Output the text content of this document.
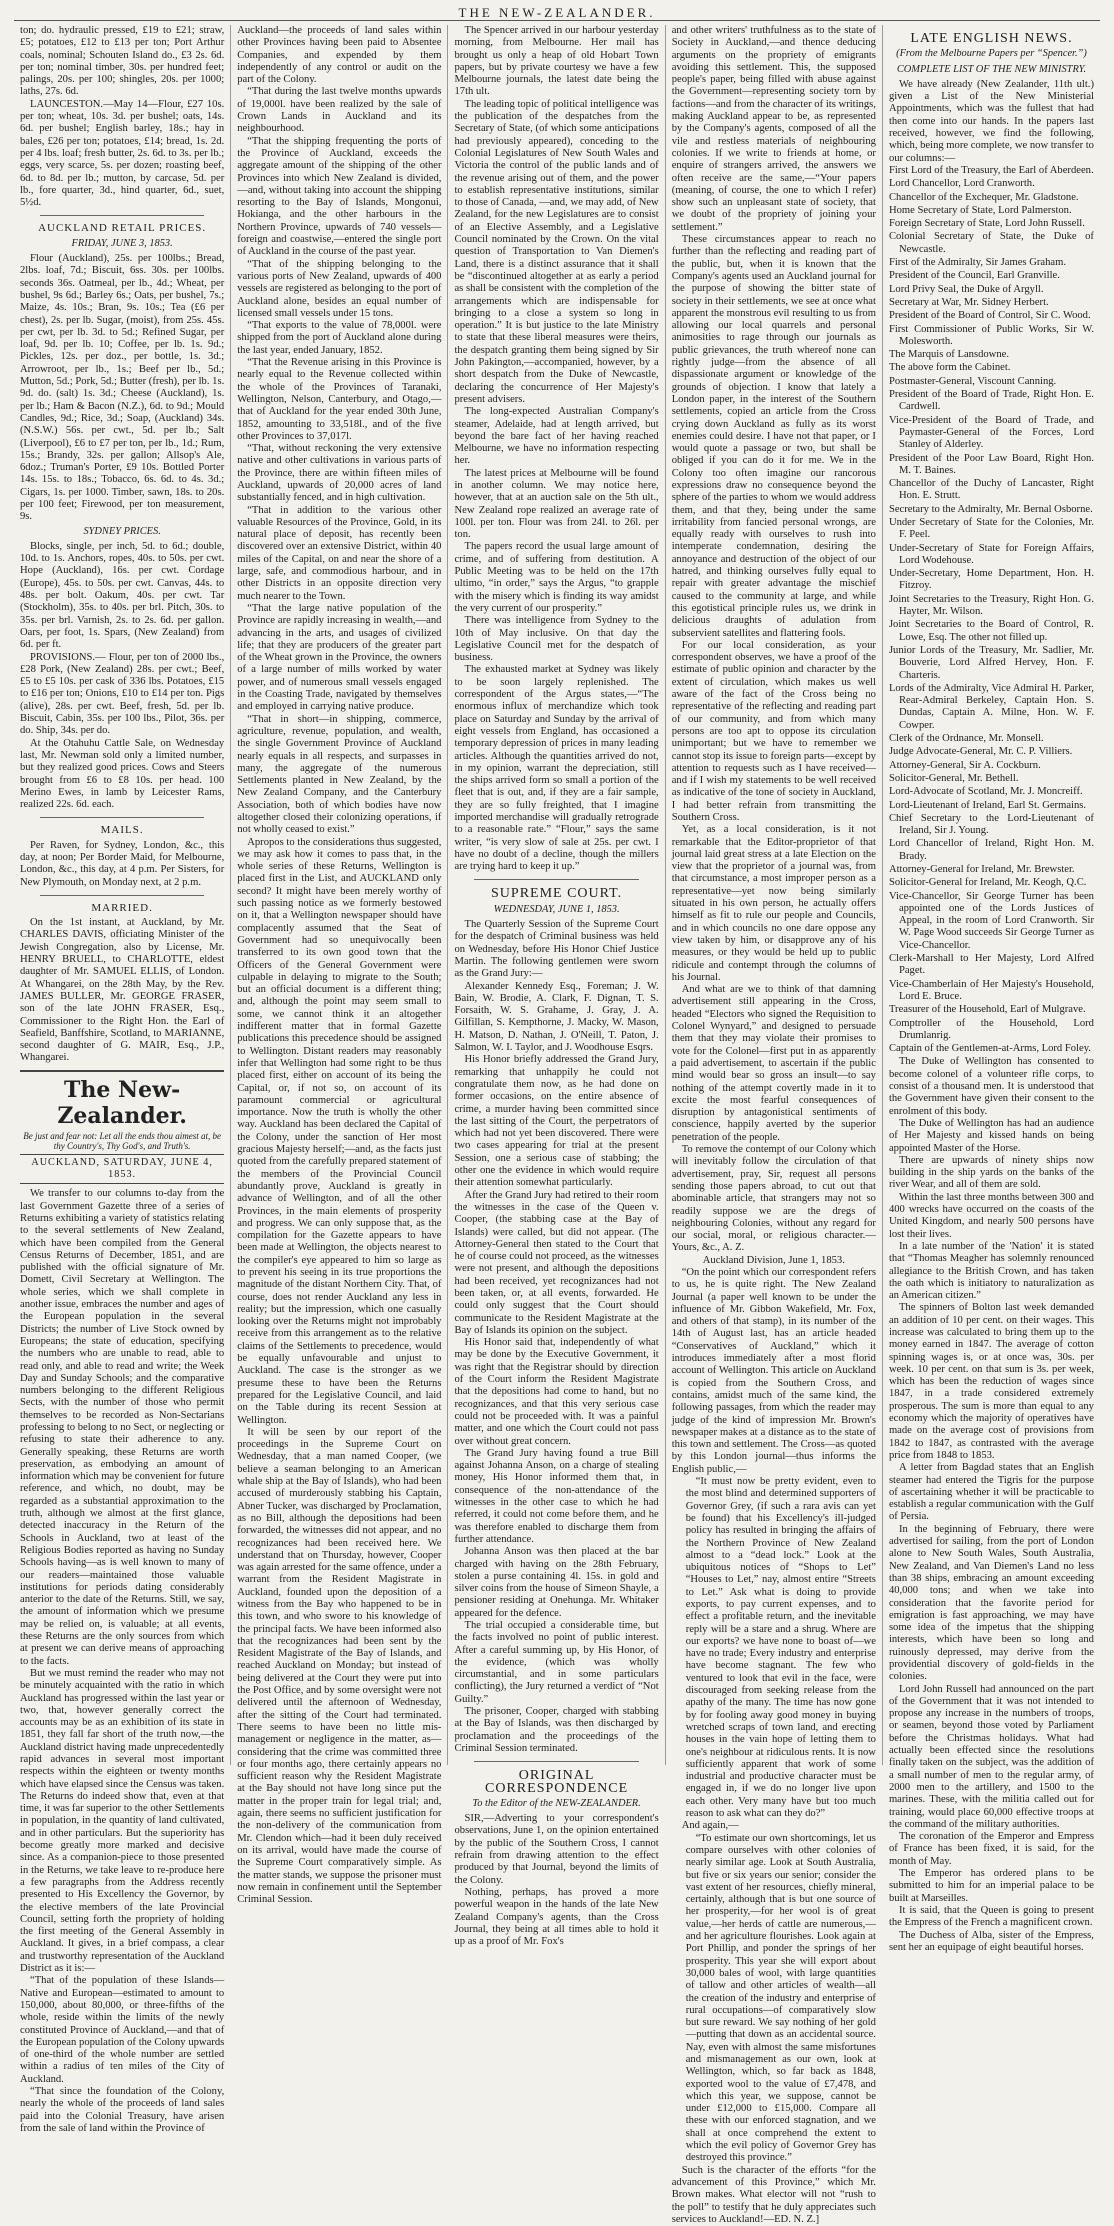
THE NEW-ZEALANDER.

ton; do. hydraulic pressed, £19 to £21; straw, £5; potatoes, £12 to £13 per ton; Port Arthur coals, nominal; Schouten Island do., £3 2s. 6d. per ton; nominal timber, 30s. per hundred feet; palings, 20s. per 100; shingles, 20s. per 1000; laths, 27s. 6d.

LAUNCESTON.—May 14—Flour, £27 10s. per ton; wheat, 10s. 3d. per bushel; oats, 14s. 6d. per bushel; English barley, 18s.; hay in bales, £26 per ton; potatoes, £14; bread, 1s. 2d. per 4 lbs. loaf; fresh butter, 2s. 6d. to 3s. per lb.; eggs, very scarce, 5s. per dozen; roasting beef, 6d. to 8d. per lb.; mutton, by carcase, 5d. per lb., fore quarter, 3d., hind quarter, 6d., suet, 5½d.

AUCKLAND RETAIL PRICES.
FRIDAY, JUNE 3, 1853.

Flour (Auckland), 25s. per 100lbs.; Bread, 2lbs. loaf, 7d.; Biscuit, 6ss. 30s. per 100lbs. seconds 36s. Oatmeal, per lb., 4d.; Wheat, per bushel, 9s 6d.; Barley 6s.; Oats, per bushel, 7s.; Maize, 4s. 10s.; Bran, 9s. 10s.; Tea (£6 per chest), 2s. per lb. Sugar, (moist), from 25s. 45s. per cwt, per lb. 3d. to 5d.; Refined Sugar, per loaf, 9d. per lb. 10; Coffee, per lb. 1s. 9d.; Pickles, 12s. per doz., per bottle, 1s. 3d.; Arrowroot, per lb., 1s.; Beef per lb., 5d.; Mutton, 5d.; Pork, 5d.; Butter (fresh), per lb. 1s. 9d. do. (salt) 1s. 3d.; Cheese (Auckland), 1s. per lb.; Ham & Bacon (N.Z.), 6d. to 9d.; Mould Candles, 9d.; Rice, 3d.; Soap, (Auckland) 34s. (N.S.W.) 56s. per cwt., 5d. per lb.; Salt (Liverpool), £6 to £7 per ton, per lb., 1d.; Rum, 15s.; Brandy, 32s. per gallon; Allsop's Ale, 6doz.; Truman's Porter, £9 10s. Bottled Porter 14s. 15s. to 18s.; Tobacco, 6s. 6d. to 4s. 3d.; Cigars, 1s. per 1000. Timber, sawn, 18s. to 20s. per 100 feet; Firewood, per ton measurement, 9s.

SYDNEY PRICES.

Blocks, single, per inch, 5d. to 6d.; double, 10d. to 1s. Anchors, ropes, 40s. to 50s. per cwt. Hope (Auckland), 16s. per cwt. Cordage (Europe), 45s. to 50s. per cwt. Canvas, 44s. to 48s. per bolt. Oakum, 40s. per cwt. Tar (Stockholm), 35s. to 40s. per brl. Pitch, 30s. to 35s. per brl. Varnish, 2s. to 2s. 6d. per gallon. Oars, per foot, 1s. Spars, (New Zealand) from 6d. per ft.

PROVISIONS.— Flour, per ton of 2000 lbs., £28 Pork, (New Zealand) 28s. per cwt.; Beef, £5 to £5 10s. per cask of 336 lbs. Potatoes, £15 to £16 per ton; Onions, £10 to £14 per ton. Pigs (alive), 28s. per cwt. Beef, fresh, 5d. per lb. Biscuit, Cabin, 35s. per 100 lbs., Pilot, 36s. per do. Ship, 34s. per do.

At the Otahuhu Cattle Sale, on Wednesday last, Mr. Newman sold only a limited number, but they realized good prices. Cows and Steers brought from £6 to £8 10s. per head. 100 Merino Ewes, in lamb by Leicester Rams, realized 22s. 6d. each.

MAILS.

Per Raven, for Sydney, London, &c., this day, at noon; Per Border Maid, for Melbourne, London, &c., this day, at 4 p.m. Per Sisters, for New Plymouth, on Monday next, at 2 p.m.

MARRIED.

On the 1st instant, at Auckland, by Mr. CHARLES DAVIS, officiating Minister of the Jewish Congregation, also by License, Mr. HENRY BRUELL, to CHARLOTTE, eldest daughter of Mr. SAMUEL ELLIS, of London. At Whangarei, on the 28th May, by the Rev. JAMES BULLER, Mr. GEORGE FRASER, son of the late JOHN FRASER, Esq., Commissioner to the Right Hon. the Earl of Seafield, Banffshire, Scotland, to MARIANNE, second daughter of G. MAIR, Esq., J.P., Whangarei.

The New-Zealander.
Be just and fear not: Let all the ends thou aimest at, be thy Country's, Thy God's, and Truth's.
AUCKLAND, SATURDAY, JUNE 4, 1853.

We transfer to our columns to-day from the last Government Gazette three of a series of Returns exhibiting a variety of statistics relating to the several settlements of New Zealand, which have been compiled from the General Census Returns of December, 1851, and are published with the official signature of Mr. Domett, Civil Secretary at Wellington. The whole series, which we shall complete in another issue, embraces the number and ages of the European population in the several Districts; the number of Live Stock owned by Europeans; the state of education, specifying the numbers who are unable to read, able to read only, and able to read and write; the Week Day and Sunday Schools; and the comparative numbers belonging to the different Religious Sects, with the number of those who permit themselves to be recorded as Non-Sectarians professing to belong to no Sect, or neglecting or refusing to state their adherence to any. Generally speaking, these Returns are worth preservation, as embodying an amount of information which may be convenient for future reference, and which, no doubt, may be regarded as a substantial approximation to the truth, although we almost at the first glance, detected inaccuracy in the Return of the Schools in Auckland, two at least of the Religious Bodies reported as having no Sunday Schools having—as is well known to many of our readers—maintained those valuable institutions for periods dating considerably anterior to the date of the Returns. Still, we say, the amount of information which we presume may be relied on, is valuable; at all events, these Returns are the only sources from which at present we can derive means of approaching to the facts.

But we must remind the reader who may not be minutely acquainted with the ratio in which Auckland has progressed within the last year or two, that, however generally correct the accounts may be as an exhibition of its state in 1851, they fall far short of the truth now,—the Auckland district having made unprecedentedly rapid advances in several most important respects within the eighteen or twenty months which have elapsed since the Census was taken. The Returns do indeed show that, even at that time, it was far superior to the other Settlements in population, in the quantity of land cultivated, and in other particulars. But the superiority has become greatly more marked and decisive since. As a companion-piece to those presented in the Returns, we take leave to re-produce here a few paragraphs from the Address recently presented to His Excellency the Governor, by the elective members of the late Provincial Council, setting forth the propriety of holding the first meeting of the General Assembly in Auckland. It gives, in a brief compass, a clear and trustworthy representation of the Auckland District as it is:—

“That of the population of these Islands—Native and European—estimated to amount to 150,000, about 80,000, or three-fifths of the whole, reside within the limits of the newly constituted Province of Auckland,—and that of the European population of the Colony upwards of one-third of the whole number are settled within a radius of ten miles of the City of Auckland.

“That since the foundation of the Colony, nearly the whole of the proceeds of land sales paid into the Colonial Treasury, have arisen from the sale of land within the Province of

Auckland—the proceeds of land sales within other Provinces having been paid to Absentee Companies, and expended by them independently of any control or audit on the part of the Colony.

“That during the last twelve months upwards of 19,000l. have been realized by the sale of Crown Lands in Auckland and its neighbourhood.

“That the shipping frequenting the ports of the Province of Auckland, exceeds the aggregate amount of the shipping of the other Provinces into which New Zealand is divided,—and, without taking into account the shipping resorting to the Bay of Islands, Mongonui, Hokianga, and the other harbours in the Northern Province, upwards of 740 vessels—foreign and coastwise,—entered the single port of Auckland in the course of the past year.

“That of the shipping belonging to the various ports of New Zealand, upwards of 400 vessels are registered as belonging to the port of Auckland alone, besides an equal number of licensed small vessels under 15 tons.

“That exports to the value of 78,000l. were shipped from the port of Auckland alone during the last year, ended January, 1852.

“That the Revenue arising in this Province is nearly equal to the Revenue collected within the whole of the Provinces of Taranaki, Wellington, Nelson, Canterbury, and Otago,—that of Auckland for the year ended 30th June, 1852, amounting to 33,518l., and of the five other Provinces to 37,017l.

“That, without reckoning the very extensive native and other cultivations in various parts of the Province, there are within fifteen miles of Auckland, upwards of 20,000 acres of land substantially fenced, and in high cultivation.

“That in addition to the various other valuable Resources of the Province, Gold, in its natural place of deposit, has recently been discovered over an extensive District, within 40 miles of the Capital, on and near the shore of a large, safe, and commodious harbour, and in other Districts in an opposite direction very much nearer to the Town.

“That the large native population of the Province are rapidly increasing in wealth,—and advancing in the arts, and usages of civilized life; that they are producers of the greater part of the Wheat grown in the Province, the owners of a large number of mills worked by water power, and of numerous small vessels engaged in the Coasting Trade, navigated by themselves and employed in carrying native produce.

“That in short—in shipping, commerce, agriculture, revenue, population, and wealth, the single Government Province of Auckland nearly equals in all respects, and surpasses in many, the aggregate of the numerous Settlements planted in New Zealand, by the New Zealand Company, and the Canterbury Association, both of which bodies have now altogether closed their colonizing operations, if not wholly ceased to exist.”

Apropos to the considerations thus suggested, we may ask how it comes to pass that, in the whole series of these Returns, Wellington is placed first in the List, and AUCKLAND only second? It might have been merely worthy of such passing notice as we formerly bestowed on it, that a Wellington newspaper should have complacently assumed that the Seat of Government had so unequivocally been transferred to its own good town that the Officers of the General Government were culpable in delaying to migrate to the South; but an official document is a different thing; and, although the point may seem small to some, we cannot think it an altogether indifferent matter that in formal Gazette publications this precedence should be assigned to Wellington. Distant readers may reasonably infer that Wellington had some right to be thus placed first, either on account of its being the Capital, or, if not so, on account of its paramount commercial or agricultural importance. Now the truth is wholly the other way. Auckland has been declared the Capital of the Colony, under the sanction of Her most gracious Majesty herself;—and, as the facts just quoted from the carefully prepared statement of the members of the Provincial Council abundantly prove, Auckland is greatly in advance of Wellington, and of all the other Provinces, in the main elements of prosperity and progress. We can only suppose that, as the compilation for the Gazette appears to have been made at Wellington, the objects nearest to the compiler's eye appeared to him so large as to prevent his seeing in its true proportions the magnitude of the distant Northern City. That, of course, does not render Auckland any less in reality; but the impression, which one casually looking over the Returns might not improbably receive from this arrangement as to the relative claims of the Settlements to precedence, would be equally unfavourable and unjust to Auckland. The case is the stronger as we presume these to have been the Returns prepared for the Legislative Council, and laid on the Table during its recent Session at Wellington.

It will be seen by our report of the proceedings in the Supreme Court on Wednesday, that a man named Cooper, (we believe a seaman belonging to an American whale ship at the Bay of Islands), who had been accused of murderously stabbing his Captain, Abner Tucker, was discharged by Proclamation, as no Bill, although the depositions had been forwarded, the witnesses did not appear, and no recognizances had been received here. We understand that on Thursday, however, Cooper was again arrested for the same offence, under a warrant from the Resident Magistrate in Auckland, founded upon the deposition of a witness from the Bay who happened to be in this town, and who swore to his knowledge of the principal facts. We have been informed also that the recognizances had been sent by the Resident Magistrate of the Bay of Islands, and reached Auckland on Monday; but instead of being delivered at the Court they were put into the Post Office, and by some oversight were not delivered until the afternoon of Wednesday, after the sitting of the Court had terminated. There seems to have been no little mis-management or negligence in the matter, as—considering that the crime was committed three or four months ago, there certainly appears no sufficient reason why the Resident Magistrate at the Bay should not have long since put the matter in the proper train for legal trial; and, again, there seems no sufficient justification for the non-delivery of the communication from Mr. Clendon which—had it been duly received on its arrival, would have made the course of the Supreme Court comparatively simple. As the matter stands, we suppose the prisoner must now remain in confinement until the September Criminal Session.

The Spencer arrived in our harbour yesterday morning, from Melbourne. Her mail has brought us only a heap of old Hobart Town papers, but by private courtesy we have a few Melbourne journals, the latest date being the 17th ult.

The leading topic of political intelligence was the publication of the despatches from the Secretary of State, (of which some anticipations had previously appeared), conceding to the Colonial Legislatures of New South Wales and Victoria the control of the public lands and of the revenue arising out of them, and the power to establish representative institutions, similar to those of Canada, —and, we may add, of New Zealand, for the new Legislatures are to consist of an Elective Assembly, and a Legislative Council nominated by the Crown. On the vital question of Transportation to Van Diemen's Land, there is a distinct assurance that it shall be “discontinued altogether at as early a period as shall be consistent with the completion of the arrangements which are indispensable for bringing to a close a system so long in operation.” It is but justice to the late Ministry to state that these liberal measures were theirs, the despatch granting them being signed by Sir John Pakington,—accompanied, however, by a short despatch from the Duke of Newcastle, declaring the concurrence of Her Majesty's present advisers.

The long-expected Australian Company's steamer, Adelaide, had at length arrived, but beyond the bare fact of her having reached Melbourne, we have no information respecting her.

The latest prices at Melbourne will be found in another column. We may notice here, however, that at an auction sale on the 5th ult., New Zealand rope realized an average rate of 100l. per ton. Flour was from 24l. to 26l. per ton.

The papers record the usual large amount of crime, and of suffering from destitution. A Public Meeting was to be held on the 17th ultimo, “in order,” says the Argus, “to grapple with the misery which is finding its way amidst the very current of our prosperity.”

There was intelligence from Sydney to the 10th of May inclusive. On that day the Legislative Council met for the despatch of business.

The exhausted market at Sydney was likely to be soon largely replenished. The correspondent of the Argus states,—“The enormous influx of merchandize which took place on Saturday and Sunday by the arrival of eight vessels from England, has occasioned a temporary depression of prices in many leading articles. Although the quantities arrived do not, in my opinion, warrant the depreciation, still the ships arrived form so small a portion of the fleet that is out, and, if they are a fair sample, they are so fully freighted, that I imagine imported merchandise will gradually retrograde to a reasonable rate.” “Flour,” says the same writer, “is very slow of sale at 25s. per cwt. I have no doubt of a decline, though the millers are trying hard to keep it up.”

SUPREME COURT.
WEDNESDAY, JUNE 1, 1853.

The Quarterly Session of the Supreme Court for the despatch of Criminal business was held on Wednesday, before His Honor Chief Justice Martin. The following gentlemen were sworn as the Grand Jury:—

Alexander Kennedy Esq., Foreman; J. W. Bain, W. Brodie, A. Clark, F. Dignan, T. S. Forsaith, W. S. Grahame, J. Gray, J. A. Gilfillan, S. Kempthorne, J. Macky, W. Mason, H. Matson, D. Nathan, J. O'Neill, T. Paton, J. Salmon, W. I. Taylor, and J. Woodhouse Esqrs.

His Honor briefly addressed the Grand Jury, remarking that unhappily he could not congratulate them now, as he had done on former occasions, on the entire absence of crime, a murder having been committed since the last sitting of the Court, the perpetrators of which had not yet been discovered. There were two cases appearing for trial at the present Session, one a serious case of stabbing; the other one the evidence in which would require their attention somewhat particularly.

After the Grand Jury had retired to their room the witnesses in the case of the Queen v. Cooper, (the stabbing case at the Bay of Islands) were called, but did not appear. (The Attorney-General then stated to the Court that he of course could not proceed, as the witnesses were not present, and although the depositions had been received, yet recognizances had not been taken, or, at all events, forwarded. He could only suggest that the Court should communicate to the Resident Magistrate at the Bay of Islands its opinion on the subject.

His Honor said that, independently of what may be done by the Executive Government, it was right that the Registrar should by direction of the Court inform the Resident Magistrate that the depositions had come to hand, but no recognizances, and that this very serious case could not be proceeded with. It was a painful matter, and one which the Court could not pass over without great concern.

The Grand Jury having found a true Bill against Johanna Anson, on a charge of stealing money, His Honor informed them that, in consequence of the non-attendance of the witnesses in the other case to which he had referred, it could not come before them, and he was therefore enabled to discharge them from further attendance.

Johanna Anson was then placed at the bar charged with having on the 28th February, stolen a purse containing 4l. 15s. in gold and silver coins from the house of Simeon Shayle, a pensioner residing at Onehunga. Mr. Whitaker appeared for the defence.

The trial occupied a considerable time, but the facts involved no point of public interest. After a careful summing up, by His Honor, of the evidence, (which was wholly circumstantial, and in some particulars conflicting), the Jury returned a verdict of “Not Guilty.”

The prisoner, Cooper, charged with stabbing at the Bay of Islands, was then discharged by proclamation and the proceedings of the Criminal Session terminated.

ORIGINAL CORRESPONDENCE
To the Editor of the NEW-ZEALANDER.

SIR,—Adverting to your correspondent's observations, June 1, on the opinion entertained by the public of the Southern Cross, I cannot refrain from drawing attention to the effect produced by that Journal, beyond the limits of the Colony.

Nothing, perhaps, has proved a more powerful weapon in the hands of the late New Zealand Company's agents, than the Cross Journal, they being at all times able to hold it up as a proof of Mr. Fox's

and other writers' truthfulness as to the state of Society in Auckland,—and thence deducing arguments on the propriety of emigrants avoiding this settlement. This, the supposed people's paper, being filled with abuse against the Government—representing society torn by factions—and from the character of its writings, making Auckland appear to be, as represented by the Company's agents, composed of all the vile and restless materials of neighbouring colonies. If we write to friends at home, or enquire of strangers arrived, the answers we often receive are the same,—“Your papers (meaning, of course, the one to which I refer) show such an unpleasant state of society, that we doubt of the propriety of joining your settlement.”

These circumstances appear to reach no further than the reflecting and reading part of the public, but, when it is known that the Company's agents used an Auckland journal for the purpose of showing the bitter state of society in their settlements, we see at once what apparent the monstrous evil resulting to us from allowing our local quarrels and personal animosities to rage through our journals as public grievances, the truth whereof none can rightly judge—from the absence of all dispassionate argument or knowledge of the grounds of objection. I know that lately a London paper, in the interest of the Southern settlements, copied an article from the Cross crying down Auckland as fully as its worst enemies could desire. I have not that paper, or I would quote a passage or two, but shall be obliged if you can do it for me. We in the Colony too often imagine our rancorous expressions draw no consequence beyond the sphere of the parties to whom we would address them, and that they, being under the same irritability from fancied personal wrongs, are equally ready with ourselves to rush into intemperate condemnation, desiring the annoyance and destruction of the object of our hatred, and thinking ourselves fully equal to repair with greater advantage the mischief caused to the community at large, and while this egotistical principle rules us, we drink in delicious draughts of adulation from subservient satellites and flattering fools.

For our local consideration, as your correspondent observes, we have a proof of the estimate of public opinion and character by the extent of circulation, which makes us well aware of the fact of the Cross being no representative of the reflecting and reading part of our community, and from which many persons are too apt to oppose its circulation unimportant; but we have to remember we cannot stop its issue to foreign parts—except by attention to requests such as I have received—and if I wish my statements to be well received as indicative of the tone of society in Auckland, I had better refrain from transmitting the Southern Cross.

Yet, as a local consideration, is it not remarkable that the Editor-proprietor of that journal laid great stress at a late Election on the view that the proprietor of a journal was, from that circumstance, a most improper person as a representative—yet now being similarly situated in his own person, he actually offers himself as fit to rule our people and Councils, and in which councils no one dare oppose any view taken by him, or disapprove any of his measures, or they would be held up to public ridicule and contempt through the columns of his Journal.

And what are we to think of that damning advertisement still appearing in the Cross, headed “Electors who signed the Requisition to Colonel Wynyard,” and designed to persuade them that they may violate their promises to vote for the Colonel—first put in as apparently a paid advertisement, to ascertain if the public mind would bear so gross an insult—to say nothing of the attempt covertly made in it to excite the most fearful consequences of disruption by antagonistical sentiments of conscience, happily averted by the superior penetration of the people.

To remove the contempt of our Colony which will inevitably follow the circulation of that advertisement, pray, Sir, request all persons sending those papers abroad, to cut out that abominable article, that strangers may not so readily suppose we are the dregs of neighbouring Colonies, without any regard for our social, moral, or religious character.—Yours, &c., A. Z.

Auckland Division, June 1, 1853.

“On the point which our correspondent refers to us, he is quite right. The New Zealand Journal (a paper well known to be under the influence of Mr. Gibbon Wakefield, Mr. Fox, and others of that stamp), in its number of the 14th of August last, has an article headed “Conservatives of Auckland,” which it introduces immediately after a most florid account of Wellington. This article on Auckland is copied from the Southern Cross, and contains, amidst much of the same kind, the following passages, from which the reader may judge of the kind of impression Mr. Brown's newspaper makes at a distance as to the state of this town and settlement. The Cross—as quoted by this London journal—thus informs the English public,—

“It must now be pretty evident, even to the most blind and determined supporters of Governor Grey, (if such a rara avis can yet be found) that his Excellency's ill-judged policy has resulted in bringing the affairs of the Northern Province of New Zealand almost to a “dead lock.” Look at the ubiquitous notices of “Shops to Let” “Houses to Let,” nay, almost entire “Streets to Let.” Ask what is doing to provide exports, to pay current expenses, and to effect a profitable return, and the inevitable reply will be a stare and a shrug. Where are our exports? we have none to boast of—we have no trade; Every industry and enterprise have become stagnant. The few who ventured to look that evil in the face, were discouraged from seeking release from the apathy of the many. The time has now gone by for fooling away good money in buying wretched scraps of town land, and erecting houses in the vain hope of letting them to one's neighbour at ridiculous rents. It is now sufficiently apparent that work of some industrial and productive character must be engaged in, if we do no longer live upon each other. Very many have but too much reason to ask what can they do?”

And again,—

“To estimate our own shortcomings, let us compare ourselves with other colonies of nearly similar age. Look at South Australia, but five or six years our senior; consider the vast extent of her resources, chiefly mineral, certainly, although that is but one source of her prosperity,—for her wool is of great value,—her herds of cattle are numerous,—and her agriculture flourishes. Look again at Port Phillip, and ponder the springs of her prosperity. This year she will export about 30,000 bales of wool, with large quantities of tallow and other articles of wealth—all the creation of the industry and enterprise of rural occupations—of comparatively slow but sure reward. We say nothing of her gold—putting that down as an accidental source. Nay, even with almost the same misfortunes and mismanagement as our own, look at Wellington, which, so far back as 1848, exported wool to the value of £7,478, and which this year, we suppose, cannot be under £12,000 to £15,000. Compare all these with our enforced stagnation, and we shall at once comprehend the extent to which the evil policy of Governor Grey has destroyed this province.”

Such is the character of the efforts “for the advancement of this Province,” which Mr. Brown makes. What elector will not “rush to the poll” to testify that he duly appreciates such services to Auckland!—ED. N. Z.]

LATE ENGLISH NEWS.
(From the Melbourne Papers per “Spencer.”)
COMPLETE LIST OF THE NEW MINISTRY.

We have already (New Zealander, 11th ult.) given a List of the New Ministerial Appointments, which was the fullest that had then come into our hands. In the papers last received, however, we find the following, which, being more complete, we now transfer to our columns:—

First Lord of the Treasury, the Earl of Aberdeen.
Lord Chancellor, Lord Cranworth.
Chancellor of the Exchequer, Mr. Gladstone.
Home Secretary of State, Lord Palmerston.
Foreign Secretary of State, Lord John Russell.
Colonial Secretary of State, the Duke of Newcastle.
First of the Admiralty, Sir James Graham.
President of the Council, Earl Granville.
Lord Privy Seal, the Duke of Argyll.
Secretary at War, Mr. Sidney Herbert.
President of the Board of Control, Sir C. Wood.
First Commissioner of Public Works, Sir W. Molesworth.
The Marquis of Lansdowne.
The above form the Cabinet.
Postmaster-General, Viscount Canning.
President of the Board of Trade, Right Hon. E. Cardwell.
Vice-President of the Board of Trade, and Paymaster-General of the Forces, Lord Stanley of Alderley.
President of the Poor Law Board, Right Hon. M. T. Baines.
Chancellor of the Duchy of Lancaster, Right Hon. E. Strutt.
Secretary to the Admiralty, Mr. Bernal Osborne.
Under Secretary of State for the Colonies, Mr. F. Peel.
Under-Secretary of State for Foreign Affairs, Lord Wodehouse.
Under-Secretary, Home Department, Hon. H. Fitzroy.
Joint Secretaries to the Treasury, Right Hon. G. Hayter, Mr. Wilson.
Joint Secretaries to the Board of Control, R. Lowe, Esq. The other not filled up.
Junior Lords of the Treasury, Mr. Sadlier, Mr. Bouverie, Lord Alfred Hervey, Hon. F. Charteris.
Lords of the Admiralty, Vice Admiral H. Parker, Rear-Admiral Berkeley, Captain Hon. S. Dundas, Captain A. Milne, Hon. W. F. Cowper.
Clerk of the Ordnance, Mr. Monsell.
Judge Advocate-General, Mr. C. P. Villiers.
Attorney-General, Sir A. Cockburn.
Solicitor-General, Mr. Bethell.
Lord-Advocate of Scotland, Mr. J. Moncreiff.
Lord-Lieutenant of Ireland, Earl St. Germains.
Chief Secretary to the Lord-Lieutenant of Ireland, Sir J. Young.
Lord Chancellor of Ireland, Right Hon. M. Brady.
Attorney-General for Ireland, Mr. Brewster.
Solicitor-General for Ireland, Mr. Keogh, Q.C.
Vice-Chancellor, Sir George Turner has been appointed one of the Lords Justices of Appeal, in the room of Lord Cranworth. Sir W. Page Wood succeeds Sir George Turner as Vice-Chancellor.
Clerk-Marshall to Her Majesty, Lord Alfred Paget.
Vice-Chamberlain of Her Majesty's Household, Lord E. Bruce.
Treasurer of the Household, Earl of Mulgrave.
Comptroller of the Household, Lord Drumlanrig.
Captain of the Gentlemen-at-Arms, Lord Foley.

The Duke of Wellington has consented to become colonel of a volunteer rifle corps, to consist of a thousand men. It is understood that the Government have given their consent to the enrolment of this body.

The Duke of Wellington has had an audience of Her Majesty and kissed hands on being appointed Master of the Horse.

There are upwards of ninety ships now building in the ship yards on the banks of the river Wear, and all of them are sold.

Within the last three months between 300 and 400 wrecks have occurred on the coasts of the United Kingdom, and nearly 500 persons have lost their lives.

In a late number of the 'Nation' it is stated that “Thomas Meagher has solemnly renounced allegiance to the British Crown, and has taken the oath which is initiatory to naturalization as an American citizen.”

The spinners of Bolton last week demanded an addition of 10 per cent. on their wages. This increase was calculated to bring them up to the money earned in 1847. The average of cotton spinning wages is, or at once was, 30s. per week. 10 per cent. on that sum is 3s. per week, which has been the reduction of wages since 1847, in a trade considered extremely prosperous. The sum is more than equal to any economy which the majority of operatives have made on the average cost of provisions from 1842 to 1847, as contrasted with the average price from 1848 to 1853.

A letter from Bagdad states that an English steamer had entered the Tigris for the purpose of ascertaining whether it will be practicable to establish a regular communication with the Gulf of Persia.

In the beginning of February, there were advertised for sailing, from the port of London alone to New South Wales, South Australia, New Zealand, and Van Diemen's Land no less than 38 ships, embracing an amount exceeding 40,000 tons; and when we take into consideration that the favorite period for emigration is fast approaching, we may have some idea of the impetus that the shipping interests, which have been so long and ruinously depressed, may derive from the providential discovery of gold-fields in the colonies.

Lord John Russell had announced on the part of the Government that it was not intended to propose any increase in the numbers of troops, or seamen, beyond those voted by Parliament before the Christmas holidays. What had actually been effected since the resolutions finally taken on the subject, was the addition of a small number of men to the regular army, of 2000 men to the artillery, and 1500 to the marines. These, with the militia called out for training, would place 60,000 effective troops at the command of the military authorities.

The coronation of the Emperor and Empress of France has been fixed, it is said, for the month of May.

The Emperor has ordered plans to be submitted to him for an imperial palace to be built at Marseilles.

It is said, that the Queen is going to present the Empress of the French a magnificent crown.

The Duchess of Alba, sister of the Empress, sent her an equipage of eight beautiful horses.
